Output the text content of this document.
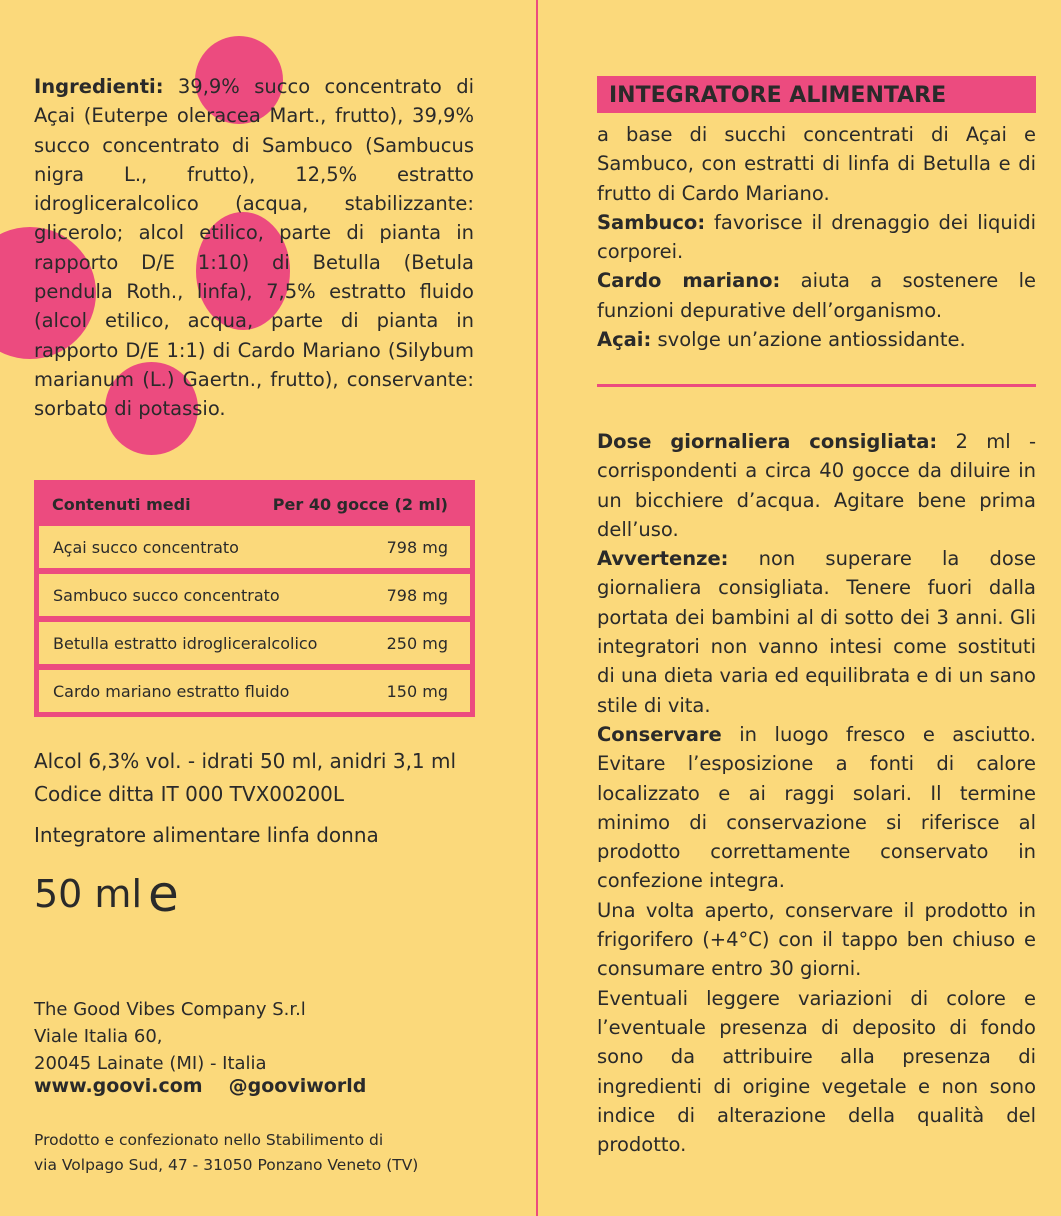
Ingredienti: 39,9% succo concentrato di Açai (Euterpe oleracea Mart., frutto), 39,9% succo concentrato di Sambuco (Sambucus nigra L., frutto), 12,5% estratto idrogliceralcolico (acqua, stabilizzante: glicerolo; alcol etilico, parte di pianta in rapporto D/E 1:10) di Betulla (Betula pendula Roth., linfa), 7,5% estratto fluido (alcol etilico, acqua, parte di pianta in rapporto D/E 1:1) di Cardo Mariano (Silybum marianum (L.) Gaertn., frutto), conservante: sorbato di potassio.
Contenuti medi	Per 40 gocce (2 ml)
Açai succo concentrato	798 mg
Sambuco succo concentrato	798 mg
Betulla estratto idrogliceralcolico	250 mg
Cardo mariano estratto fluido	150 mg
Alcol 6,3% vol. - idrati 50 ml, anidri 3,1 ml
Codice ditta IT 000 TVX00200L
Integratore alimentare linfa donna
50 ml e
The Good Vibes Company S.r.l
Viale Italia 60,
20045 Lainate (MI) - Italia
www.goovi.com @gooviworld
Prodotto e confezionato nello Stabilimento di
via Volpago Sud, 47 - 31050 Ponzano Veneto (TV)
INTEGRATORE ALIMENTARE
a base di succhi concentrati di Açai e Sambuco, con estratti di linfa di Betulla e di frutto di Cardo Mariano.
Sambuco: favorisce il drenaggio dei liquidi corporei.
Cardo mariano: aiuta a sostenere le funzioni depurative dell’organismo.
Açai: svolge un’azione antiossidante.
Dose giornaliera consigliata: 2 ml - corrispondenti a circa 40 gocce da diluire in un bicchiere d’acqua. Agitare bene prima dell’uso.
Avvertenze: non superare la dose giornaliera consigliata. Tenere fuori dalla portata dei bambini al di sotto dei 3 anni. Gli integratori non vanno intesi come sostituti di una dieta varia ed equilibrata e di un sano stile di vita.
Conservare in luogo fresco e asciutto. Evitare l’esposizione a fonti di calore localizzato e ai raggi solari. Il termine minimo di conservazione si riferisce al prodotto correttamente conservato in confezione integra.
Una volta aperto, conservare il prodotto in frigorifero (+4°C) con il tappo ben chiuso e consumare entro 30 giorni.
Eventuali leggere variazioni di colore e l’eventuale presenza di deposito di fondo sono da attribuire alla presenza di ingredienti di origine vegetale e non sono indice di alterazione della qualità del prodotto.
